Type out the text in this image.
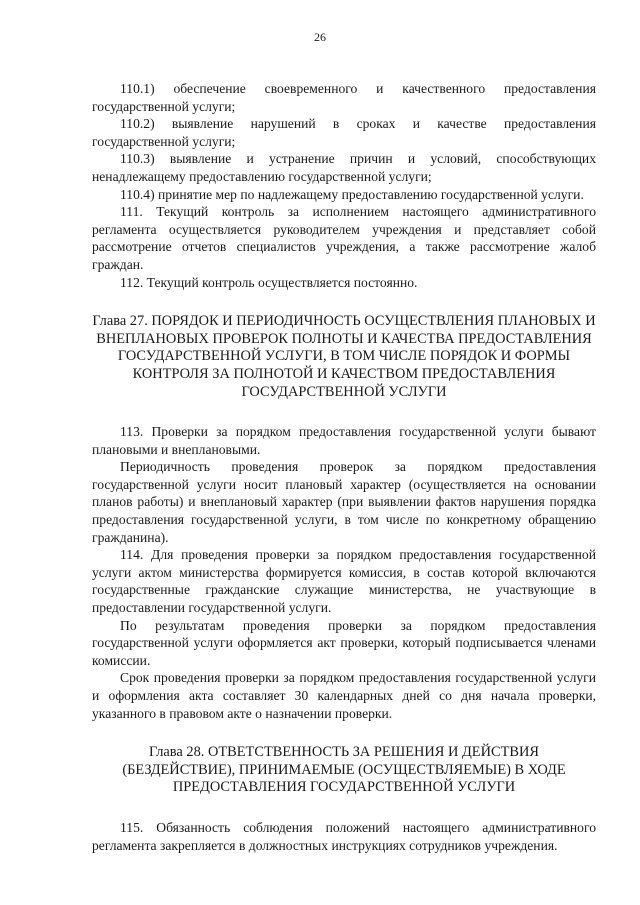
26

110.1) обеспечение своевременного и качественного предоставления государственной услуги;

110.2) выявление нарушений в сроках и качестве предоставления государственной услуги;

110.3) выявление и устранение причин и условий, способствующих ненадлежащему предоставлению государственной услуги;

110.4) принятие мер по надлежащему предоставлению государственной услуги.

111. Текущий контроль за исполнением настоящего административного регламента осуществляется руководителем учреждения и представляет собой рассмотрение отчетов специалистов учреждения, а также рассмотрение жалоб граждан.

112. Текущий контроль осуществляется постоянно.

Глава 27. ПОРЯДОК И ПЕРИОДИЧНОСТЬ ОСУЩЕСТВЛЕНИЯ ПЛАНОВЫХ И ВНЕПЛАНОВЫХ ПРОВЕРОК ПОЛНОТЫ И КАЧЕСТВА ПРЕДОСТАВЛЕНИЯ ГОСУДАРСТВЕННОЙ УСЛУГИ, В ТОМ ЧИСЛЕ ПОРЯДОК И ФОРМЫ КОНТРОЛЯ ЗА ПОЛНОТОЙ И КАЧЕСТВОМ ПРЕДОСТАВЛЕНИЯ ГОСУДАРСТВЕННОЙ УСЛУГИ

113. Проверки за порядком предоставления государственной услуги бывают плановыми и внеплановыми.

Периодичность проведения проверок за порядком предоставления государственной услуги носит плановый характер (осуществляется на основании планов работы) и внеплановый характер (при выявлении фактов нарушения порядка предоставления государственной услуги, в том числе по конкретному обращению гражданина).

114. Для проведения проверки за порядком предоставления государственной услуги актом министерства формируется комиссия, в состав которой включаются государственные гражданские служащие министерства, не участвующие в предоставлении государственной услуги.

По результатам проведения проверки за порядком предоставления государственной услуги оформляется акт проверки, который подписывается членами комиссии.

Срок проведения проверки за порядком предоставления государственной услуги и оформления акта составляет 30 календарных дней со дня начала проверки, указанного в правовом акте о назначении проверки.

Глава 28. ОТВЕТСТВЕННОСТЬ ЗА РЕШЕНИЯ И ДЕЙСТВИЯ (БЕЗДЕЙСТВИЕ), ПРИНИМАЕМЫЕ (ОСУЩЕСТВЛЯЕМЫЕ) В ХОДЕ ПРЕДОСТАВЛЕНИЯ ГОСУДАРСТВЕННОЙ УСЛУГИ

115. Обязанность соблюдения положений настоящего административного регламента закрепляется в должностных инструкциях сотрудников учреждения.
